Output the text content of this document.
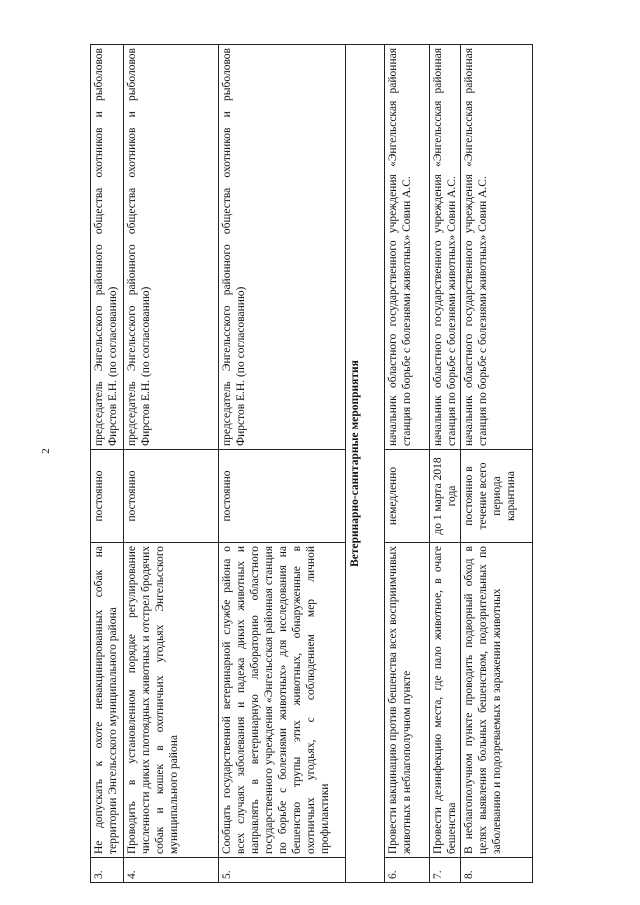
2
3.	Не допускать к охоте невакцинированных собак на территории Энгельсского муниципального района	постоянно	председатель Энгельсского районного общества охотников и рыболовов Фирстов Е.Н. (по согласованию)
4.	Проводить в установленном порядке регулирование численности диких плотоядных животных и отстрел бродячих собак и кошек в охотничьих угодьях Энгельсского муниципального района	постоянно	председатель Энгельсского районного общества охотников и рыболовов Фирстов Е.Н. (по согласованию)
5.	Сообщать государственной ветеринарной службе района о всех случаях заболевания и падежа диких животных и направлять в ветеринарную лабораторию областного государственного учреждения «Энгельсская районная станция по борьбе с болезнями животных» для исследования на бешенство трупы этих животных, обнаруженные в охотничьих угодьях, с соблюдением мер личной профилактики	постоянно	председатель Энгельсского районного общества охотников и рыболовов Фирстов Е.Н. (по согласованию)
Ветеринарно-санитарные мероприятия			
6.	Провести вакцинацию против бешенства всех восприимчивых животных в неблагополучном пункте	немедленно	начальник областного государственного учреждения «Энгельсская районная станция по борьбе с болезнями животных» Совин А.С.
7.	Провести дезинфекцию места, где пало животное, в очаге бешенства	до 1 марта 2018 года	начальник областного государственного учреждения «Энгельсская районная станция по борьбе с болезнями животных» Совин А.С.
8.	В неблагополучном пункте проводить подворный обход в целях выявления больных бешенством, подозрительных по заболеванию и подозреваемых в заражении животных	постоянно в течение всего периода карантина	начальник областного государственного учреждения «Энгельсская районная станция по борьбе с болезнями животных» Совин А.С.
